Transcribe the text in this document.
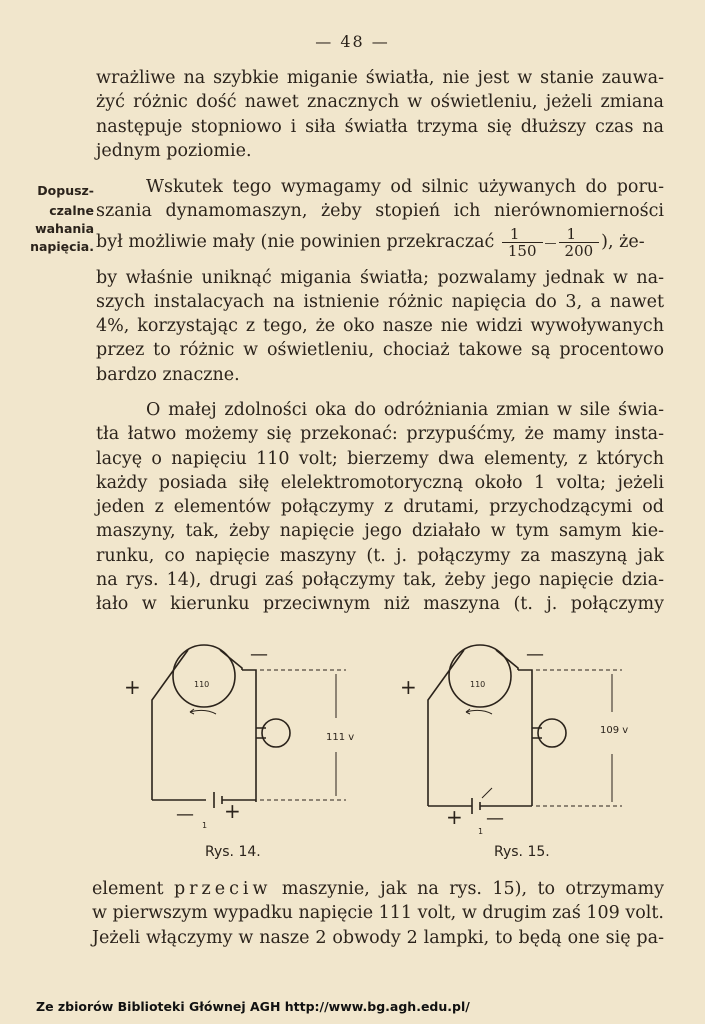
— 48 —
wrażliwe na szybkie miganie światła, nie jest w stanie zauwa-
żyć różnic dość nawet znacznych w oświetleniu, jeżeli zmiana
następuje stopniowo i siła światła trzyma się dłuższy czas na
jednym poziomie.
Dopusz-
czalne
wahania
napięcia.
Wskutek tego wymagamy od silnic używanych do poru-
szania dynamomaszyn, żeby stopień ich nierównomierności
był możliwie mały (nie powinien przekraczać $\frac{1}{150}$ — $\frac{1}{200}$ ), że-
by właśnie uniknąć migania światła; pozwalamy jednak w na-
szych instalacyach na istnienie różnic napięcia do 3, a nawet
4%, korzystając z tego, że oko nasze nie widzi wywoływanych
przez to różnic w oświetleniu, chociaż takowe są procentowo
bardzo znaczne.
O małej zdolności oka do odróżniania zmian w sile świa-
tła łatwo możemy się przekonać: przypuśćmy, że mamy insta-
lacyę o napięciu 110 volt; bierzemy dwa elementy, z których
każdy posiada siłę elelektromotoryczną około 1 volta; jeżeli
jeden z elementów połączymy z drutami, przychodzącymi od
maszyny, tak, żeby napięcie jego działało w tym samym kie-
runku, co napięcie maszyny (t. j. połączymy za maszyną jak
na rys. 14), drugi zaś połączymy tak, żeby jego napięcie dzia-
łało w kierunku przeciwnym niż maszyna (t. j. połączymy
+	110
—
111 v
— +
1
Rys. 14.
+	110
—
109 v
+ —
1
Rys. 15.
element przeciw maszynie, jak na rys. 15), to otrzymamy
w pierwszym wypadku napięcie 111 volt, w drugim zaś 109 volt.
Jeżeli włączymy w nasze 2 obwody 2 lampki, to będą one się pa-
Ze zbiorów Biblioteki Głównej AGH http://www.bg.agh.edu.pl/
